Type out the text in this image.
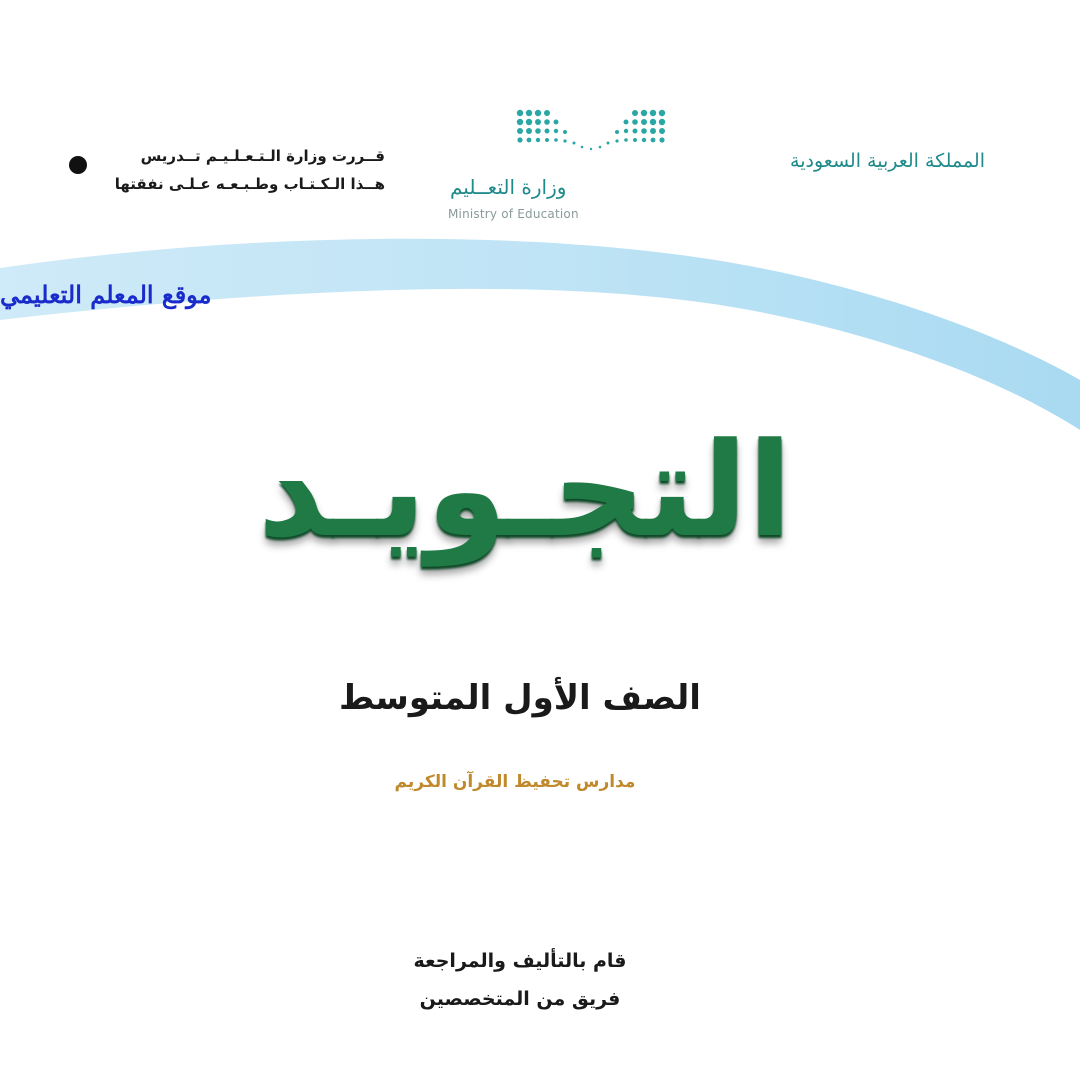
المملكة العربية السعودية
وزارة التعــليم
Ministry of Education
قــررت وزارة الـتـعـلـيـم تــدريس
هــذا الـكـتـاب وطـبـعـه عـلـى نفقتها
موقع المعلم التعليمي
التجـويـد
الصف الأول المتوسط
مدارس تحفيظ القرآن الكريم
قام بالتأليف والمراجعة
فريق من المتخصصين
